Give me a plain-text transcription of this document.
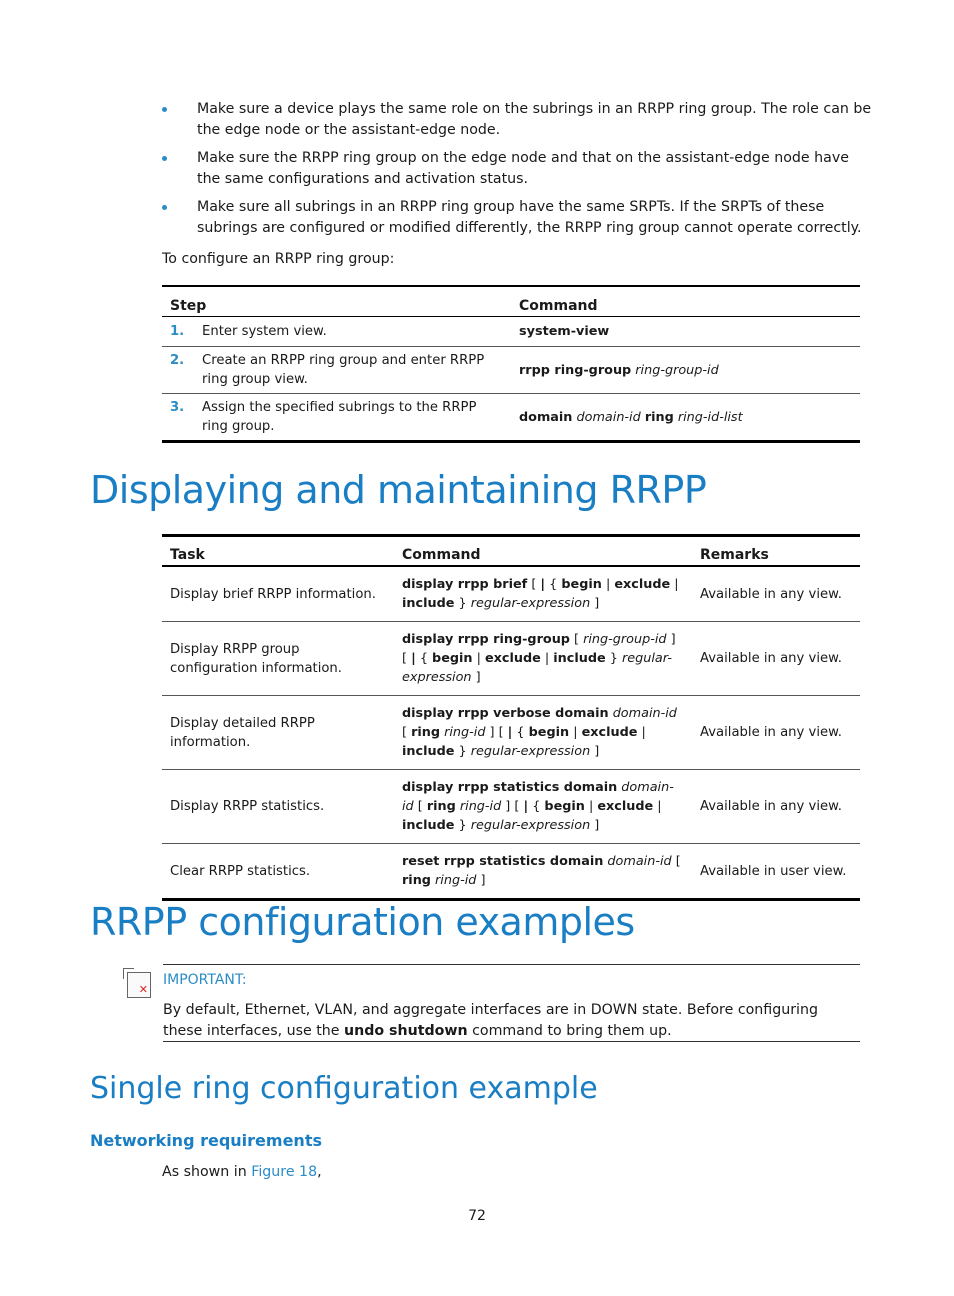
Make sure a device plays the same role on the subrings in an RRPP ring group. The role can be the edge node or the assistant-edge node.
Make sure the RRPP ring group on the edge node and that on the assistant-edge node have the same configurations and activation status.
Make sure all subrings in an RRPP ring group have the same SRPTs. If the SRPTs of these subrings are configured or modified differently, the RRPP ring group cannot operate correctly.
To configure an RRPP ring group:
Step	Command
1. Enter system view.	system-view
2. Create an RRPP ring group and enter RRPP ring group view.	rrpp ring-group ring-group-id
3. Assign the specified subrings to the RRPP ring group.	domain domain-id ring ring-id-list
Displaying and maintaining RRPP
Task	Command	Remarks
Display brief RRPP information.	display rrpp brief [ | { begin | exclude | include } regular-expression ]	Available in any view.
Display RRPP group configuration information.	display rrpp ring-group [ ring-group-id ] [ | { begin | exclude | include } regular-expression ]	Available in any view.
Display detailed RRPP information.	display rrpp verbose domain domain-id [ ring ring-id ] [ | { begin | exclude | include } regular-expression ]	Available in any view.
Display RRPP statistics.	display rrpp statistics domain domain-id [ ring ring-id ] [ | { begin | exclude | include } regular-expression ]	Available in any view.
Clear RRPP statistics.	reset rrpp statistics domain domain-id [ ring ring-id ]	Available in user view.
RRPP configuration examples
✕
IMPORTANT:
By default, Ethernet, VLAN, and aggregate interfaces are in DOWN state. Before configuring these interfaces, use the undo shutdown command to bring them up.
Single ring configuration example
Networking requirements
As shown in Figure 18,
72
